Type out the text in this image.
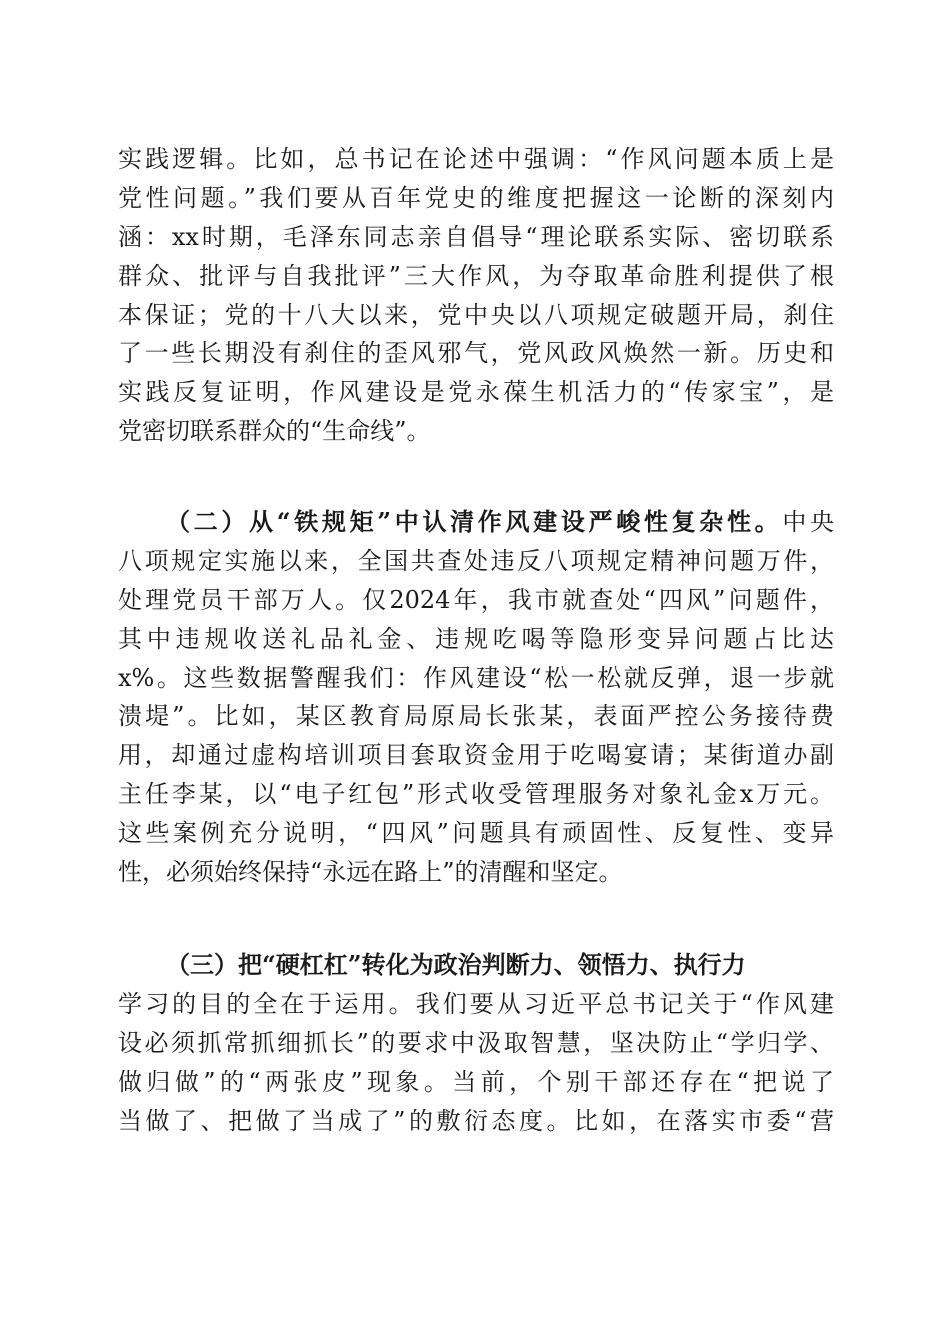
实践逻辑。比如，总书记在论述中强调：“作风问题本质上是
党性问题。”我们要从百年党史的维度把握这一论断的深刻内
涵：xx时期，毛泽东同志亲自倡导“理论联系实际、密切联系
群众、批评与自我批评”三大作风，为夺取革命胜利提供了根
本保证；党的十八大以来，党中央以八项规定破题开局，刹住
了一些长期没有刹住的歪风邪气，党风政风焕然一新。历史和
实践反复证明，作风建设是党永葆生机活力的“传家宝”，是
党密切联系群众的“生命线”。
（二）从“铁规矩”中认清作风建设严峻性复杂性。中央
八项规定实施以来，全国共查处违反八项规定精神问题万件，
处理党员干部万人。仅2024年，我市就查处“四风”问题件，
其中违规收送礼品礼金、违规吃喝等隐形变异问题占比达
x%。这些数据警醒我们：作风建设“松一松就反弹，退一步就
溃堤”。比如，某区教育局原局长张某，表面严控公务接待费
用，却通过虚构培训项目套取资金用于吃喝宴请；某街道办副
主任李某，以“电子红包”形式收受管理服务对象礼金x万元。
这些案例充分说明，“四风”问题具有顽固性、反复性、变异
性，必须始终保持“永远在路上”的清醒和坚定。
（三）把“硬杠杠”转化为政治判断力、领悟力、执行力
学习的目的全在于运用。我们要从习近平总书记关于“作风建
设必须抓常抓细抓长”的要求中汲取智慧，坚决防止“学归学、
做归做”的“两张皮”现象。当前，个别干部还存在“把说了
当做了、把做了当成了”的敷衍态度。比如，在落实市委“营
